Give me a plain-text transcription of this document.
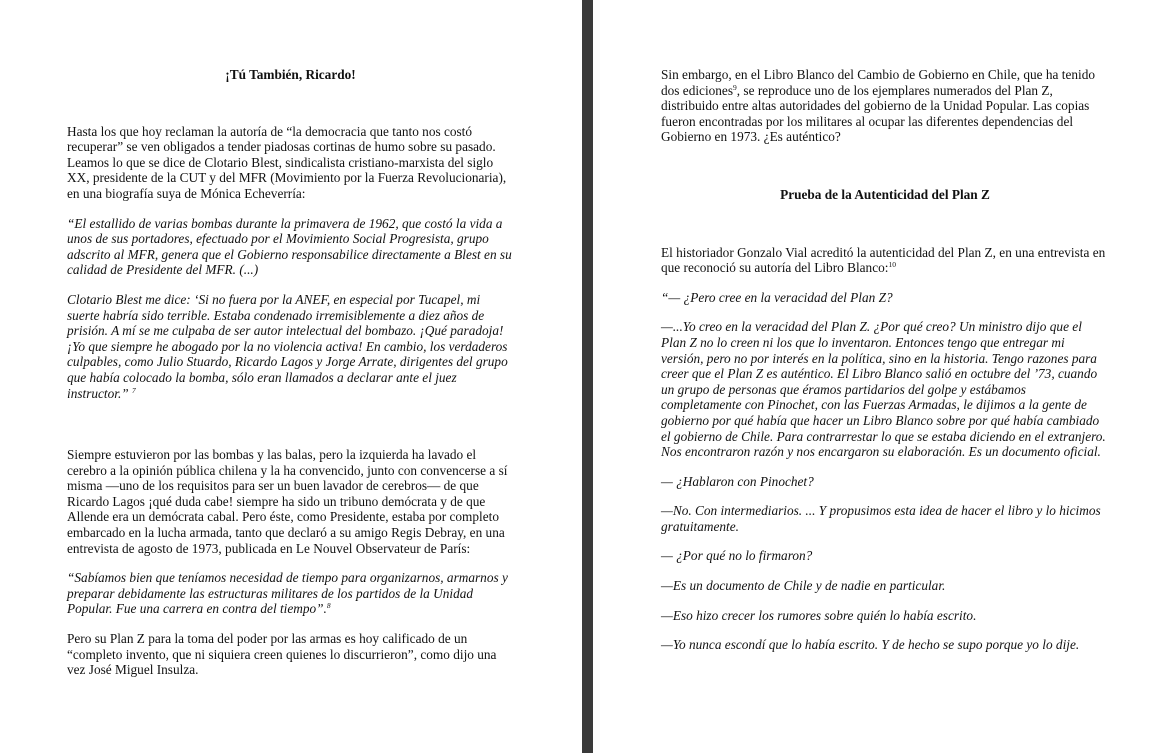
¡Tú También, Ricardo!

Hasta los que hoy reclaman la autoría de “la democracia que tanto nos costó recuperar” se ven obligados a tender piadosas cortinas de humo sobre su pasado. Leamos lo que se dice de Clotario Blest, sindicalista cristiano-marxista del siglo XX, presidente de la CUT y del MFR (Movimiento por la Fuerza Revolucionaria), en una biografía suya de Mónica Echeverría:

“El estallido de varias bombas durante la primavera de 1962, que costó la vida a unos de sus portadores, efectuado por el Movimiento Social Progresista, grupo adscrito al MFR, genera que el Gobierno responsabilice directamente a Blest en su calidad de Presidente del MFR. (...)

Clotario Blest me dice: ‘Si no fuera por la ANEF, en especial por Tucapel, mi suerte habría sido terrible. Estaba condenado irremisiblemente a diez años de prisión. A mí se me culpaba de ser autor intelectual del bombazo. ¡Qué paradoja! ¡Yo que siempre he abogado por la no violencia activa! En cambio, los verdaderos culpables, como Julio Stuardo, Ricardo Lagos y Jorge Arrate, dirigentes del grupo que había colocado la bomba, sólo eran llamados a declarar ante el juez instructor.” $^7$

Siempre estuvieron por las bombas y las balas, pero la izquierda ha lavado el cerebro a la opinión pública chilena y la ha convencido, junto con convencerse a sí misma —uno de los requisitos para ser un buen lavador de cerebros— de que Ricardo Lagos ¡qué duda cabe! siempre ha sido un tribuno demócrata y de que Allende era un demócrata cabal. Pero éste, como Presidente, estaba por completo embarcado en la lucha armada, tanto que declaró a su amigo Regis Debray, en una entrevista de agosto de 1973, publicada en Le Nouvel Observateur de París:

“Sabíamos bien que teníamos necesidad de tiempo para organizarnos, armarnos y preparar debidamente las estructuras militares de los partidos de la Unidad Popular. Fue una carrera en contra del tiempo”.$^8$

Pero su Plan Z para la toma del poder por las armas es hoy calificado de un “completo invento, que ni siquiera creen quienes lo discurrieron”, como dijo una vez José Miguel Insulza.

Sin embargo, en el Libro Blanco del Cambio de Gobierno en Chile, que ha tenido dos ediciones$^9$, se reproduce uno de los ejemplares numerados del Plan Z, distribuido entre altas autoridades del gobierno de la Unidad Popular. Las copias fueron encontradas por los militares al ocupar las diferentes dependencias del Gobierno en 1973. ¿Es auténtico?

Prueba de la Autenticidad del Plan Z

El historiador Gonzalo Vial acreditó la autenticidad del Plan Z, en una entrevista en que reconoció su autoría del Libro Blanco:$^{10}$

“— ¿Pero cree en la veracidad del Plan Z?

—...Yo creo en la veracidad del Plan Z. ¿Por qué creo? Un ministro dijo que el Plan Z no lo creen ni los que lo inventaron. Entonces tengo que entregar mi versión, pero no por interés en la política, sino en la historia. Tengo razones para creer que el Plan Z es auténtico. El Libro Blanco salió en octubre del ’73, cuando un grupo de personas que éramos partidarios del golpe y estábamos completamente con Pinochet, con las Fuerzas Armadas, le dijimos a la gente de gobierno por qué había que hacer un Libro Blanco sobre por qué había cambiado el gobierno de Chile. Para contrarrestar lo que se estaba diciendo en el extranjero. Nos encontraron razón y nos encargaron su elaboración. Es un documento oficial.

— ¿Hablaron con Pinochet?

—No. Con intermediarios. ... Y propusimos esta idea de hacer el libro y lo hicimos gratuitamente.

— ¿Por qué no lo firmaron?

—Es un documento de Chile y de nadie en particular.

—Eso hizo crecer los rumores sobre quién lo había escrito.

—Yo nunca escondí que lo había escrito. Y de hecho se supo porque yo lo dije.
